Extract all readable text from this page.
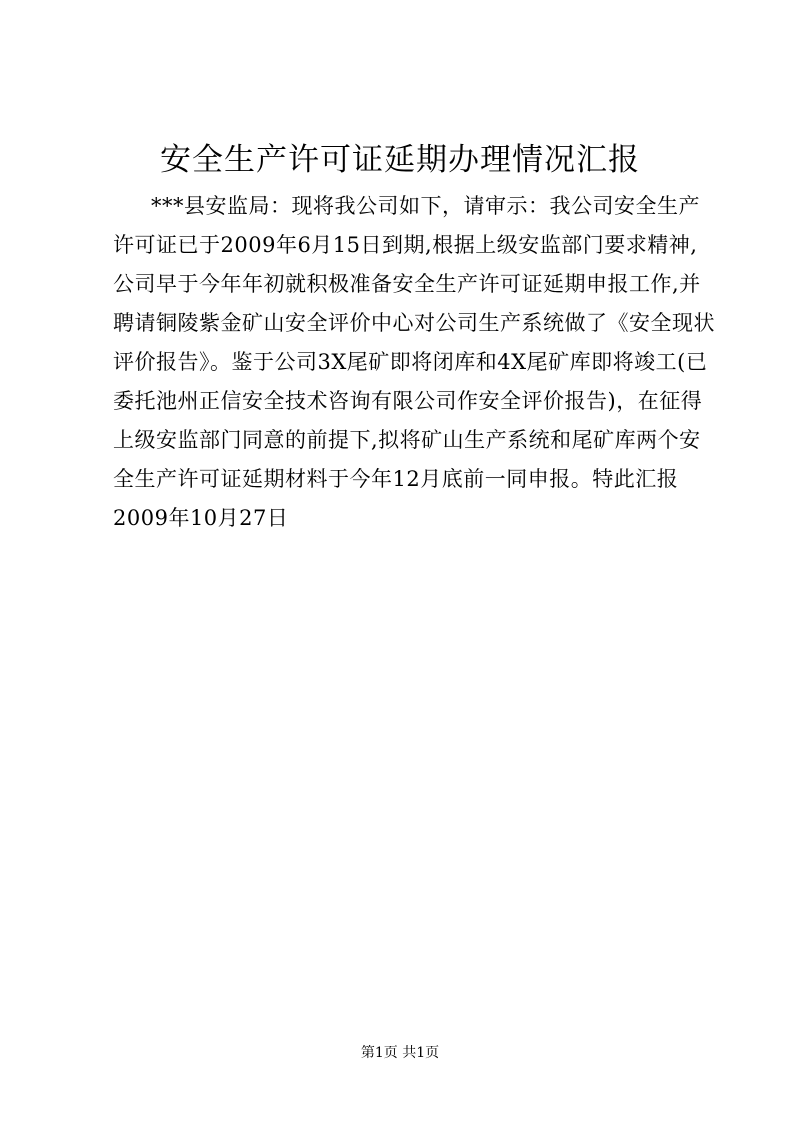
安全生产许可证延期办理情况汇报
***县安监局：现将我公司如下，请审示：我公司安全生产
许可证已于2009年6月15日到期,根据上级安监部门要求精神,
公司早于今年年初就积极准备安全生产许可证延期申报工作,并
聘请铜陵紫金矿山安全评价中心对公司生产系统做了《安全现状
评价报告》。鉴于公司3X尾矿即将闭库和4X尾矿库即将竣工(已
委托池州正信安全技术咨询有限公司作安全评价报告)，在征得
上级安监部门同意的前提下,拟将矿山生产系统和尾矿库两个安
全生产许可证延期材料于今年12月底前一同申报。特此汇报
2009年10月27日
第1页 共1页
